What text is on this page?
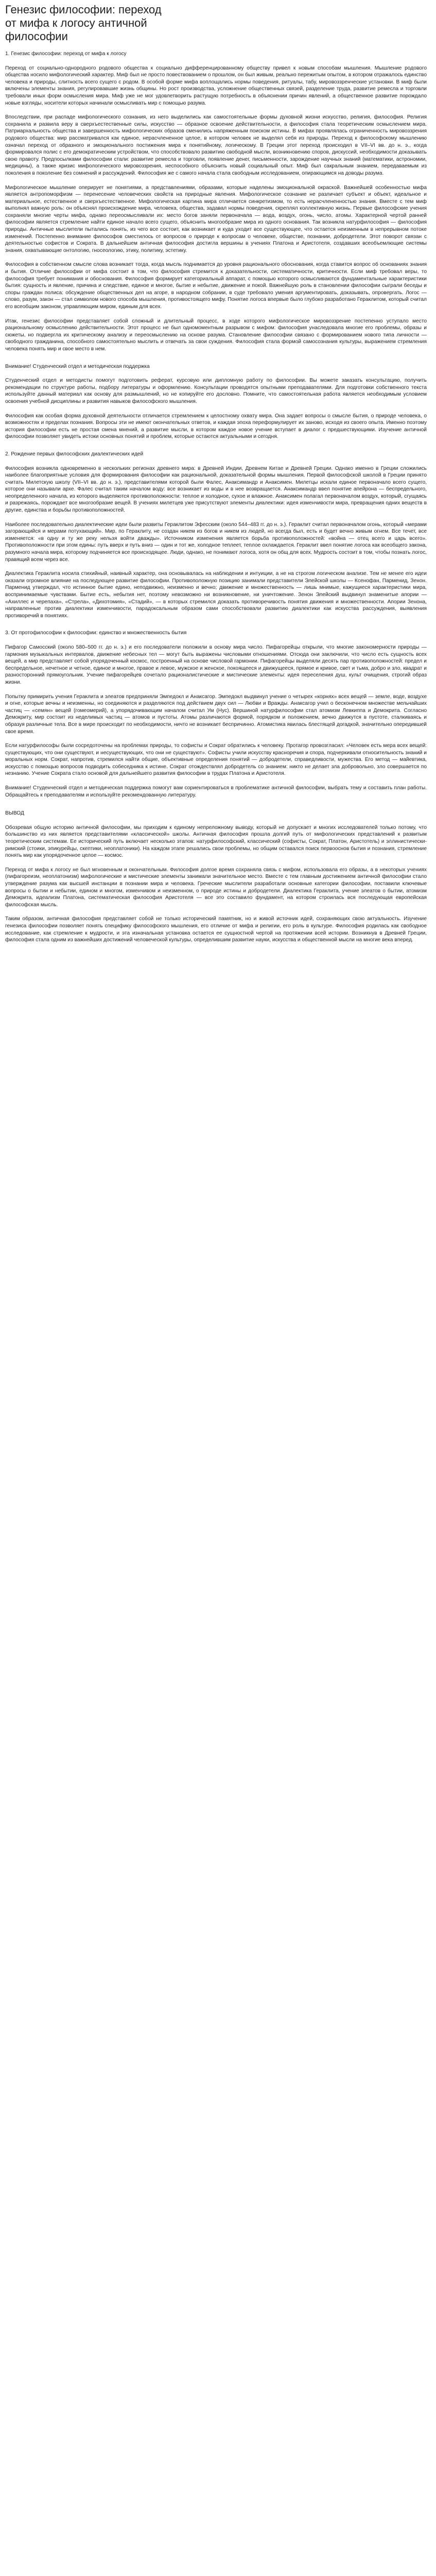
Генезис философии: переход от мифа к логосу античной философии
1. Генезис философии: переход от мифа к логосу

Переход от социально-однородного родового общества к социально дифференцированному обществу привел к новым способам мышления. Мышление родового общества носило мифологический характер. Миф был не просто повествованием о прошлом, он был живым, реально пережитым опытом, в котором отражалось единство человека и природы, слитность всего сущего с родом. В особой форме мифа воплощались нормы поведения, ритуалы, табу, мировоззренческие установки. В миф были включены элементы знания, регулировавшие жизнь общины. Но рост производства, усложнение общественных связей, разделение труда, развитие ремесла и торговли требовали иных форм осмысления мира. Миф уже не мог удовлетворить растущую потребность в объяснении причин явлений, а общественное развитие порождало новые взгляды, носители которых начинали осмысливать мир с помощью разума.

Впоследствии, при распаде мифологического сознания, из него выделились как самостоятельные формы духовной жизни искусство, религия, философия. Религия сохранила и развила веру в сверхъестественные силы, искусство — образное освоение действительности, а философия стала теоретическим осмыслением мира. Патриархальность общества и завершенность мифологических образов сменились напряженным поиском истины. В мифах проявлялась ограниченность мировоззрения родового общества: мир рассматривался как единое, нерасчлененное целое, в котором человек не выделял себя из природы. Переход к философскому мышлению означал переход от образного и эмоционального постижения мира к понятийному, логическому. В Греции этот переход происходил в VII–VI вв. до н. э., когда формировался полис с его демократическим устройством, что способствовало развитию свободной мысли, возникновению споров, дискуссий, необходимости доказывать свою правоту. Предпосылками философии стали: развитие ремесла и торговли, появление денег, письменности, зарождение научных знаний (математики, астрономии, медицины), а также кризис мифологического мировоззрения, неспособного объяснить новый социальный опыт. Миф был сакральным знанием, передаваемым из поколения в поколение без сомнений и рассуждений. Философия же с самого начала стала свободным исследованием, опирающимся на доводы разума.

Мифологическое мышление оперирует не понятиями, а представлениями, образами, которые наделены эмоциональной окраской. Важнейшей особенностью мифа является антропоморфизм — перенесение человеческих свойств на природные явления. Мифологическое сознание не различает субъект и объект, идеальное и материальное, естественное и сверхъестественное. Мифологическая картина мира отличается синкретизмом, то есть нерасчлененностью знания. Вместе с тем миф выполнял важную роль: он объяснял происхождение мира, человека, общества, задавал нормы поведения, скреплял коллективную жизнь. Первые философские учения сохраняли многие черты мифа, однако переосмысливали их: место богов заняли первоначала — вода, воздух, огонь, число, атомы. Характерной чертой ранней философии является стремление найти единое начало всего сущего, объяснить многообразие мира из одного основания. Так возникла натурфилософия — философия природы. Античные мыслители пытались понять, из чего все состоит, как возникает и куда уходит все существующее, что остается неизменным в непрерывном потоке изменений. Постепенно внимание философов сместилось от вопросов о природе к вопросам о человеке, обществе, познании, добродетели. Этот поворот связан с деятельностью софистов и Сократа. В дальнейшем античная философия достигла вершины в учениях Платона и Аристотеля, создавших всеобъемлющие системы знания, охватывающие онтологию, гносеологию, этику, политику, эстетику.

Философия в собственном смысле слова возникает тогда, когда мысль поднимается до уровня рационального обоснования, когда ставится вопрос об основаниях знания и бытия. Отличие философии от мифа состоит в том, что философия стремится к доказательности, систематичности, критичности. Если миф требовал веры, то философия требует понимания и обоснования. Философия формирует категориальный аппарат, с помощью которого осмысливаются фундаментальные характеристики бытия: сущность и явление, причина и следствие, единое и многое, бытие и небытие, движение и покой. Важнейшую роль в становлении философии сыграли беседы и споры граждан полиса: обсуждение общественных дел на агоре, в народном собрании, в суде требовало умения аргументировать, доказывать, опровергать. Логос — слово, разум, закон — стал символом нового способа мышления, противостоящего мифу. Понятие логоса впервые было глубоко разработано Гераклитом, который считал его всеобщим законом, управляющим миром, единым для всех.

Итак, генезис философии представляет собой сложный и длительный процесс, в ходе которого мифологическое мировоззрение постепенно уступало место рациональному осмыслению действительности. Этот процесс не был одномоментным разрывом с мифом: философия унаследовала многие его проблемы, образы и сюжеты, но подвергла их критическому анализу и переосмыслению на основе разума. Становление философии связано с формированием нового типа личности — свободного гражданина, способного самостоятельно мыслить и отвечать за свои суждения. Философия стала формой самосознания культуры, выражением стремления человека понять мир и свое место в нем.

Внимание! Студенческий отдел и методическая поддержка

Студенческий отдел и методисты помогут подготовить реферат, курсовую или дипломную работу по философии. Вы можете заказать консультацию, получить рекомендации по структуре работы, подбору литературы и оформлению. Консультации проводятся опытными преподавателями. Для подготовки собственного текста используйте данный материал как основу для размышлений, но не копируйте его дословно. Помните, что самостоятельная работа является необходимым условием освоения учебной дисциплины и развития навыков философского мышления.

Философия как особая форма духовной деятельности отличается стремлением к целостному охвату мира. Она задает вопросы о смысле бытия, о природе человека, о возможностях и пределах познания. Вопросы эти не имеют окончательных ответов, и каждая эпоха переформулирует их заново, исходя из своего опыта. Именно поэтому история философии есть не простая смена мнений, а развитие мысли, в котором каждое новое учение вступает в диалог с предшествующими. Изучение античной философии позволяет увидеть истоки основных понятий и проблем, которые остаются актуальными и сегодня.

2. Рождение первых философских диалектических идей

Философия возникла одновременно в нескольких регионах древнего мира: в Древней Индии, Древнем Китае и Древней Греции. Однако именно в Греции сложились наиболее благоприятные условия для формирования философии как рациональной, доказательной формы мышления. Первой философской школой в Греции принято считать Милетскую школу (VII–VI вв. до н. э.), представителями которой были Фалес, Анаксимандр и Анаксимен. Милетцы искали единое первоначало всего сущего, которое они называли архе. Фалес считал таким началом воду: все возникает из воды и в нее возвращается. Анаксимандр ввел понятие апейрона — беспредельного, неопределенного начала, из которого выделяются противоположности: теплое и холодное, сухое и влажное. Анаксимен полагал первоначалом воздух, который, сгущаясь и разрежаясь, порождает все многообразие вещей. В учениях милетцев уже присутствуют элементы диалектики: идея изменчивости мира, превращения одних веществ в другие, единства и борьбы противоположностей.

Наиболее последовательно диалектические идеи были развиты Гераклитом Эфесским (около 544–483 гг. до н. э.). Гераклит считал первоначалом огонь, который «мерами загорающийся и мерами потухающий». Мир, по Гераклиту, не создан никем из богов и никем из людей, но всегда был, есть и будет вечно живым огнем. Все течет, все изменяется: «в одну и ту же реку нельзя войти дважды». Источником изменения является борьба противоположностей: «война — отец всего и царь всего». Противоположности при этом едины: путь вверх и путь вниз — один и тот же, холодное теплеет, теплое охлаждается. Гераклит ввел понятие логоса как всеобщего закона, разумного начала мира, которому подчиняется все происходящее. Люди, однако, не понимают логоса, хотя он общ для всех. Мудрость состоит в том, чтобы познать логос, правящий всем через все.

Диалектика Гераклита носила стихийный, наивный характер, она основывалась на наблюдении и интуиции, а не на строгом логическом анализе. Тем не менее его идеи оказали огромное влияние на последующее развитие философии. Противоположную позицию занимали представители Элейской школы — Ксенофан, Парменид, Зенон. Парменид утверждал, что истинное бытие едино, неподвижно, неизменно и вечно; движение и множественность — лишь мнимые, кажущиеся характеристики мира, воспринимаемые чувствами. Бытие есть, небытия нет, поэтому невозможно ни возникновение, ни уничтожение. Зенон Элейский выдвинул знаменитые апории — «Ахиллес и черепаха», «Стрела», «Дихотомия», «Стадий», — в которых стремился доказать противоречивость понятия движения и множественности. Апории Зенона, направленные против диалектики изменчивости, парадоксальным образом сами способствовали развитию диалектики как искусства рассуждения, выявления противоречий в понятиях.

3. От протофилософии к философии: единство и множественность бытия

Пифагор Самосский (около 580–500 гг. до н. э.) и его последователи положили в основу мира число. Пифагорейцы открыли, что многие закономерности природы — гармония музыкальных интервалов, движение небесных тел — могут быть выражены числовыми отношениями. Отсюда они заключили, что число есть сущность всех вещей, а мир представляет собой упорядоченный космос, построенный на основе числовой гармонии. Пифагорейцы выделяли десять пар противоположностей: предел и беспредельное, нечетное и четное, единое и многое, правое и левое, мужское и женское, покоящееся и движущееся, прямое и кривое, свет и тьма, добро и зло, квадрат и разносторонний прямоугольник. Учение пифагорейцев сочетало рационалистические и мистические элементы: идея переселения душ, культ очищения, строгий образ жизни.

Попытку примирить учения Гераклита и элеатов предприняли Эмпедокл и Анаксагор. Эмпедокл выдвинул учение о четырех «корнях» всех вещей — земле, воде, воздухе и огне, которые вечны и неизменны, но соединяются и разделяются под действием двух сил — Любви и Вражды. Анаксагор учил о бесконечном множестве мельчайших частиц — «семян» вещей (гомеомерий), а упорядочивающим началом считал Ум (Нус). Вершиной натурфилософии стал атомизм Левкиппа и Демокрита. Согласно Демокриту, мир состоит из неделимых частиц — атомов и пустоты. Атомы различаются формой, порядком и положением, вечно движутся в пустоте, сталкиваясь и образуя различные тела. Все в мире происходит по необходимости, ничто не возникает беспричинно. Атомистика явилась блестящей догадкой, значительно опередившей свое время.

Если натурфилософы были сосредоточены на проблемах природы, то софисты и Сократ обратились к человеку. Протагор провозгласил: «Человек есть мера всех вещей: существующих, что они существуют, и несуществующих, что они не существуют». Софисты учили искусству красноречия и спора, подчеркивали относительность знаний и моральных норм. Сократ, напротив, стремился найти общие, объективные определения понятий — добродетели, справедливости, мужества. Его метод — майевтика, искусство с помощью вопросов подводить собеседника к истине. Сократ отождествлял добродетель со знанием: никто не делает зла добровольно, зло совершается по незнанию. Учение Сократа стало основой для дальнейшего развития философии в трудах Платона и Аристотеля.

Внимание! Студенческий отдел и методическая поддержка помогут вам сориентироваться в проблематике античной философии, выбрать тему и составить план работы. Обращайтесь к преподавателям и используйте рекомендованную литературу.

ВЫВОД

Обозревая общую историю античной философии, мы приходим к единому непреложному выводу, который не допускает и многих исследователей только потому, что большинство из них является представителями «классической» школы. Античная философия прошла долгий путь от мифологических представлений к развитым теоретическим системам. Ее исторический путь включает несколько этапов: натурфилософский, классический (софисты, Сократ, Платон, Аристотель) и эллинистически-римский (стоики, эпикурейцы, скептики, неоплатоники). На каждом этапе решались свои проблемы, но общим оставался поиск первооснов бытия и познания, стремление понять мир как упорядоченное целое — космос.

Переход от мифа к логосу не был мгновенным и окончательным. Философия долгое время сохраняла связь с мифом, использовала его образы, а в некоторых учениях (пифагореизм, неоплатонизм) мифологические и мистические элементы занимали значительное место. Вместе с тем главным достижением античной философии стало утверждение разума как высшей инстанции в познании мира и человека. Греческие мыслители разработали основные категории философии, поставили ключевые вопросы о бытии и небытии, едином и многом, изменчивом и неизменном, о природе истины и добродетели. Диалектика Гераклита, учение элеатов о бытии, атомизм Демокрита, идеализм Платона, систематическая философия Аристотеля — все это составило фундамент, на котором строилась вся последующая европейская философская мысль.

Таким образом, античная философия представляет собой не только исторический памятник, но и живой источник идей, сохраняющих свою актуальность. Изучение генезиса философии позволяет понять специфику философского мышления, его отличие от мифа и религии, его роль в культуре. Философия родилась как свободное исследование, как стремление к мудрости, и эта изначальная установка остается ее сущностной чертой на протяжении всей истории. Возникнув в Древней Греции, философия стала одним из важнейших достижений человеческой культуры, определившим развитие науки, искусства и общественной мысли на многие века вперед.
